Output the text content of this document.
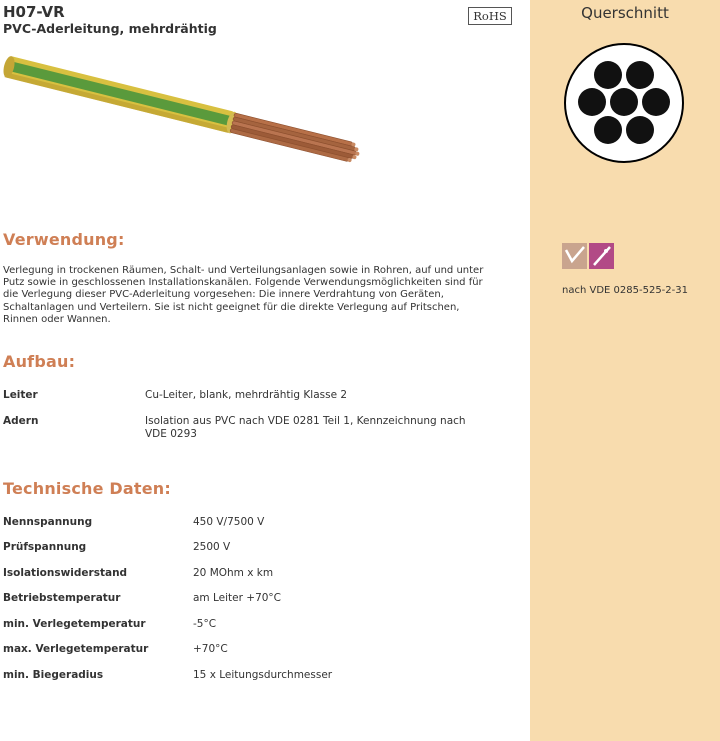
H07-VR
PVC-Aderleitung, mehrdrähtig
RoHS
Verwendung:
Verlegung in trockenen Räumen, Schalt- und Verteilungsanlagen sowie in Rohren, auf und unter Putz sowie in geschlossenen Installationskanälen. Folgende Verwendungsmöglichkeiten sind für die Verlegung dieser PVC-Aderleitung vorgesehen: Die innere Verdrahtung von Geräten, Schaltanlagen und Verteilern. Sie ist nicht geeignet für die direkte Verlegung auf Pritschen, Rinnen oder Wannen.
Aufbau:
Leiter	Cu-Leiter, blank, mehrdrähtig Klasse 2
Adern	Isolation aus PVC nach VDE 0281 Teil 1, Kennzeichnung nach VDE 0293
Technische Daten:
Nennspannung	450 V/7500 V
Prüfspannung	2500 V
Isolationswiderstand	20 MOhm x km
Betriebstemperatur	am Leiter +70°C
min. Verlegetemperatur	-5°C
max. Verlegetemperatur	+70°C
min. Biegeradius	15 x Leitungsdurchmesser
Querschnitt
nach VDE 0285-525-2-31
